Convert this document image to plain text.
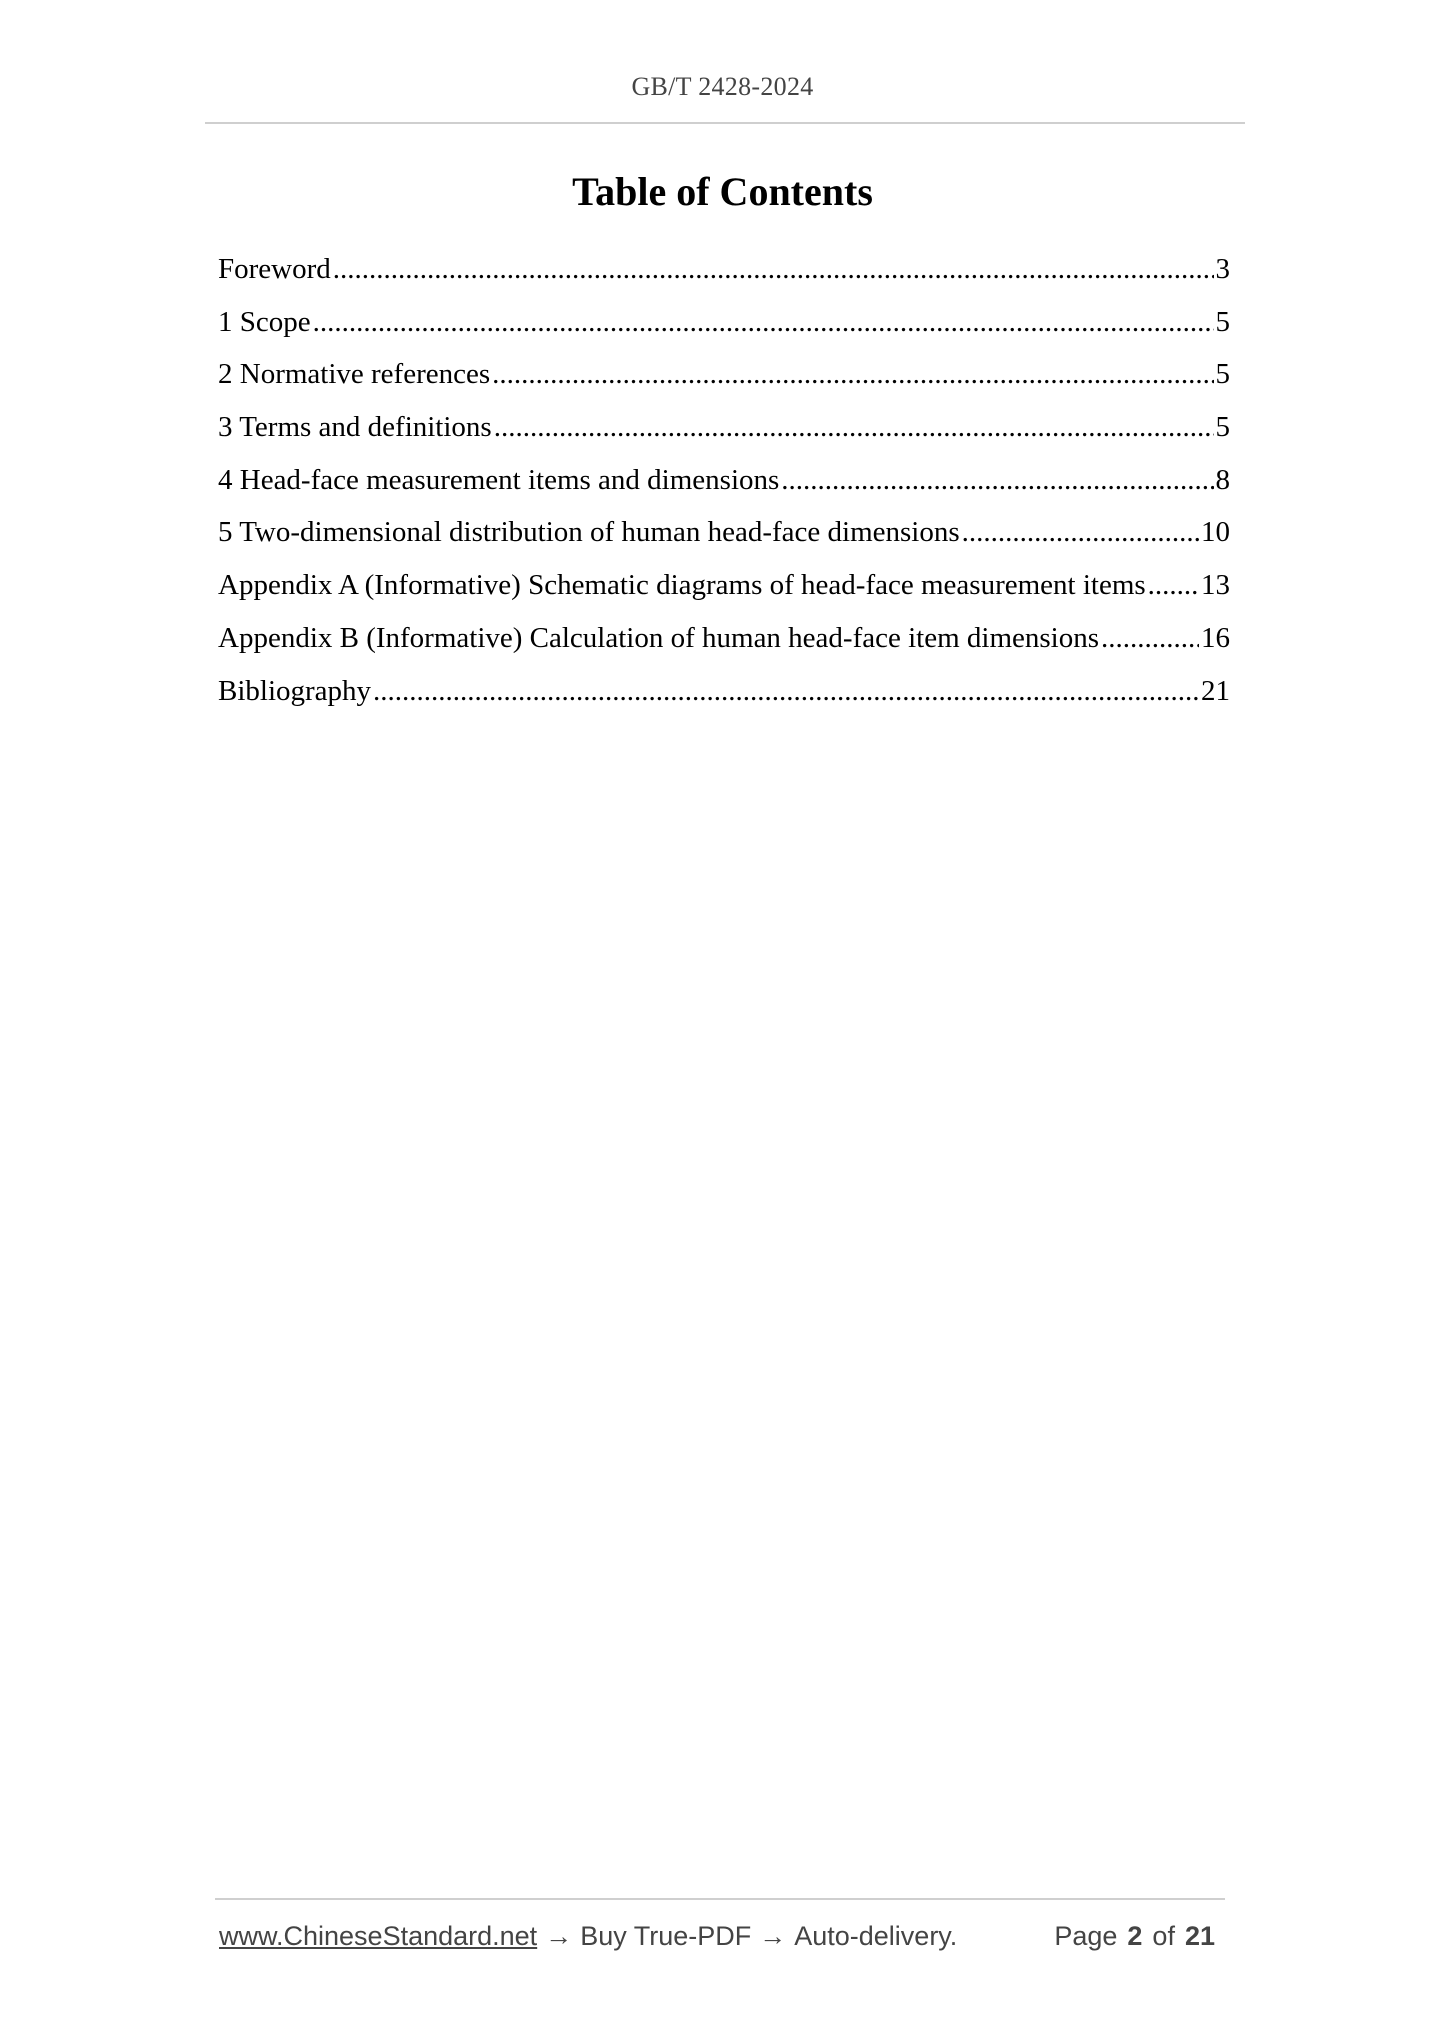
GB/T 2428-2024
Table of Contents
Foreword .....	3
1 Scope .....	5
2 Normative references .....	5
3 Terms and definitions .....	5
4 Head-face measurement items and dimensions .....	8
5 Two-dimensional distribution of human head-face dimensions .....	10
Appendix A (Informative) Schematic diagrams of head-face measurement items ..... 13
Appendix B (Informative) Calculation of human head-face item dimensions .....	16
Bibliography .....	21
www.ChineseStandard.net → Buy True-PDF → Auto-delivery.	Page 2 of 21
